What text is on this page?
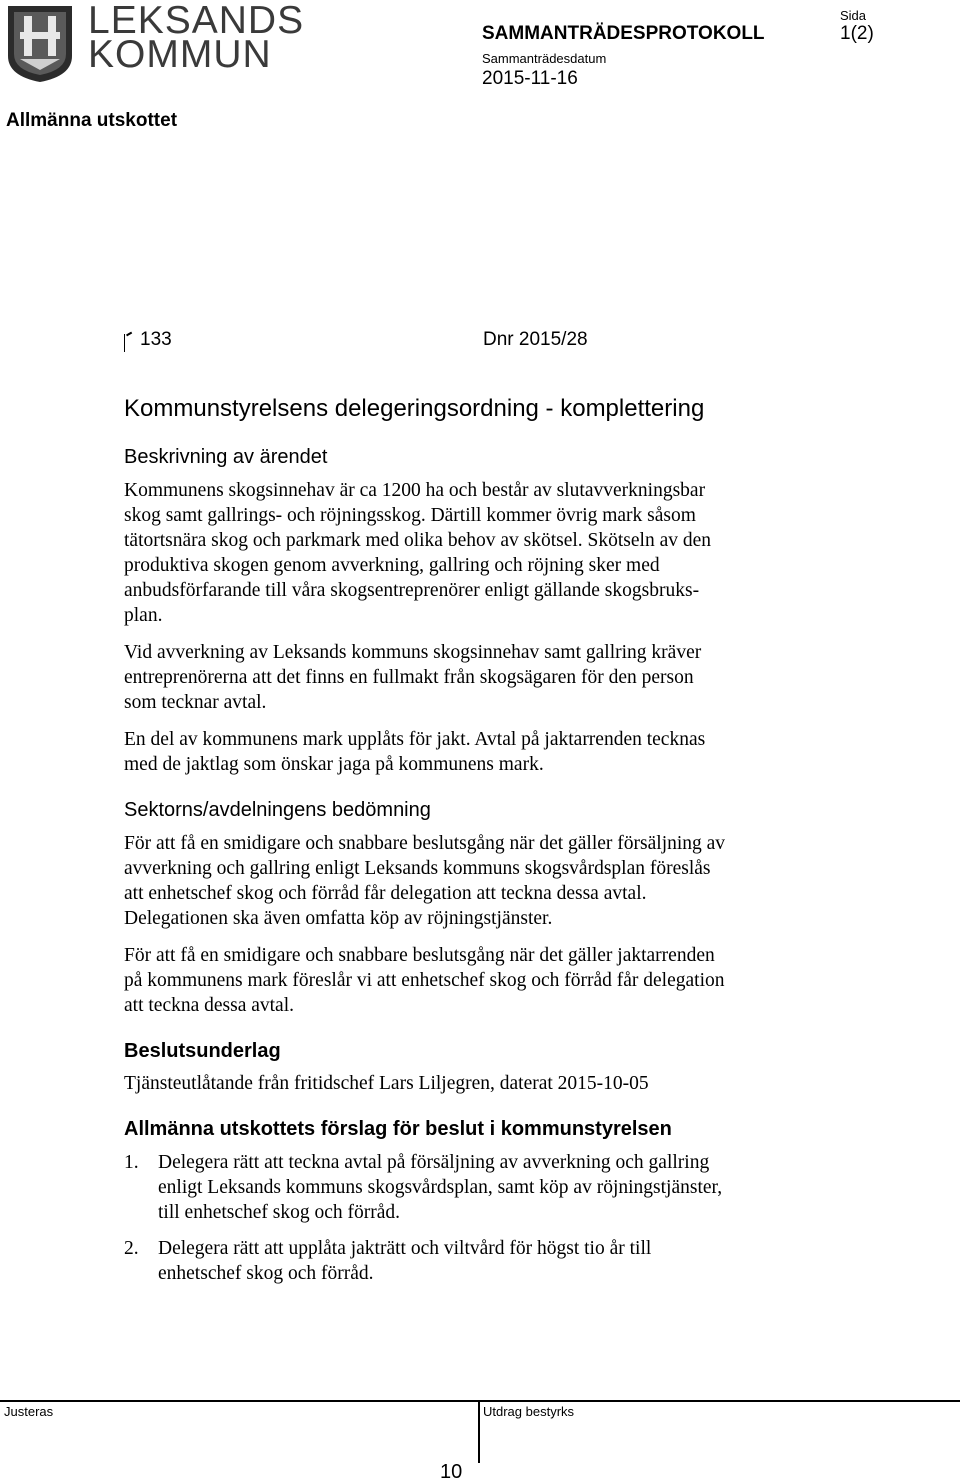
LEKSANDS
KOMMUN	SAMMANTRÄDESPROTOKOLL
Sammanträdesdatum
2015-11-16
Sida
1(2)
Allmänna utskottet
133	Dnr 2015/28
Kommunstyrelsens delegeringsordning - komplettering
Beskrivning av ärendet

Kommunens skogsinnehav är ca 1200 ha och består av slutavverkningsbar
skog samt gallrings- och röjningsskog. Därtill kommer övrig mark såsom
tätortsnära skog och parkmark med olika behov av skötsel. Skötseln av den
produktiva skogen genom avverkning, gallring och röjning sker med
anbudsförfarande till våra skogsentreprenörer enligt gällande skogsbruks-
plan.

Vid avverkning av Leksands kommuns skogsinnehav samt gallring kräver
entreprenörerna att det finns en fullmakt från skogsägaren för den person
som tecknar avtal.
En del av kommunens mark upplåts för jakt. Avtal på jaktarrenden tecknas
med de jaktlag som önskar jaga på kommunens mark.
Sektorns/avdelningens bedömning
För att få en smidigare och snabbare beslutsgång när det gäller försäljning av
avverkning och gallring enligt Leksands kommuns skogsvårdsplan föreslås
att enhetschef skog och förråd får delegation att teckna dessa avtal.
Delegationen ska även omfatta köp av röjningstjänster.
För att få en smidigare och snabbare beslutsgång när det gäller jaktarrenden
på kommunens mark föreslår vi att enhetschef skog och förråd får delegation
att teckna dessa avtal.
Beslutsunderlag
Tjänsteutlåtande från fritidschef Lars Liljegren, daterat 2015-10-05
Allmänna utskottets förslag för beslut i kommunstyrelsen
1. Delegera rätt att teckna avtal på försäljning av avverkning och gallring
enligt Leksands kommuns skogsvårdsplan, samt köp av röjningstjänster,
till enhetschef skog och förråd.
2. Delegera rätt att upplåta jakträtt och viltvård för högst tio år till
enhetschef skog och förråd.
Justeras	Utdrag bestyrks
10
